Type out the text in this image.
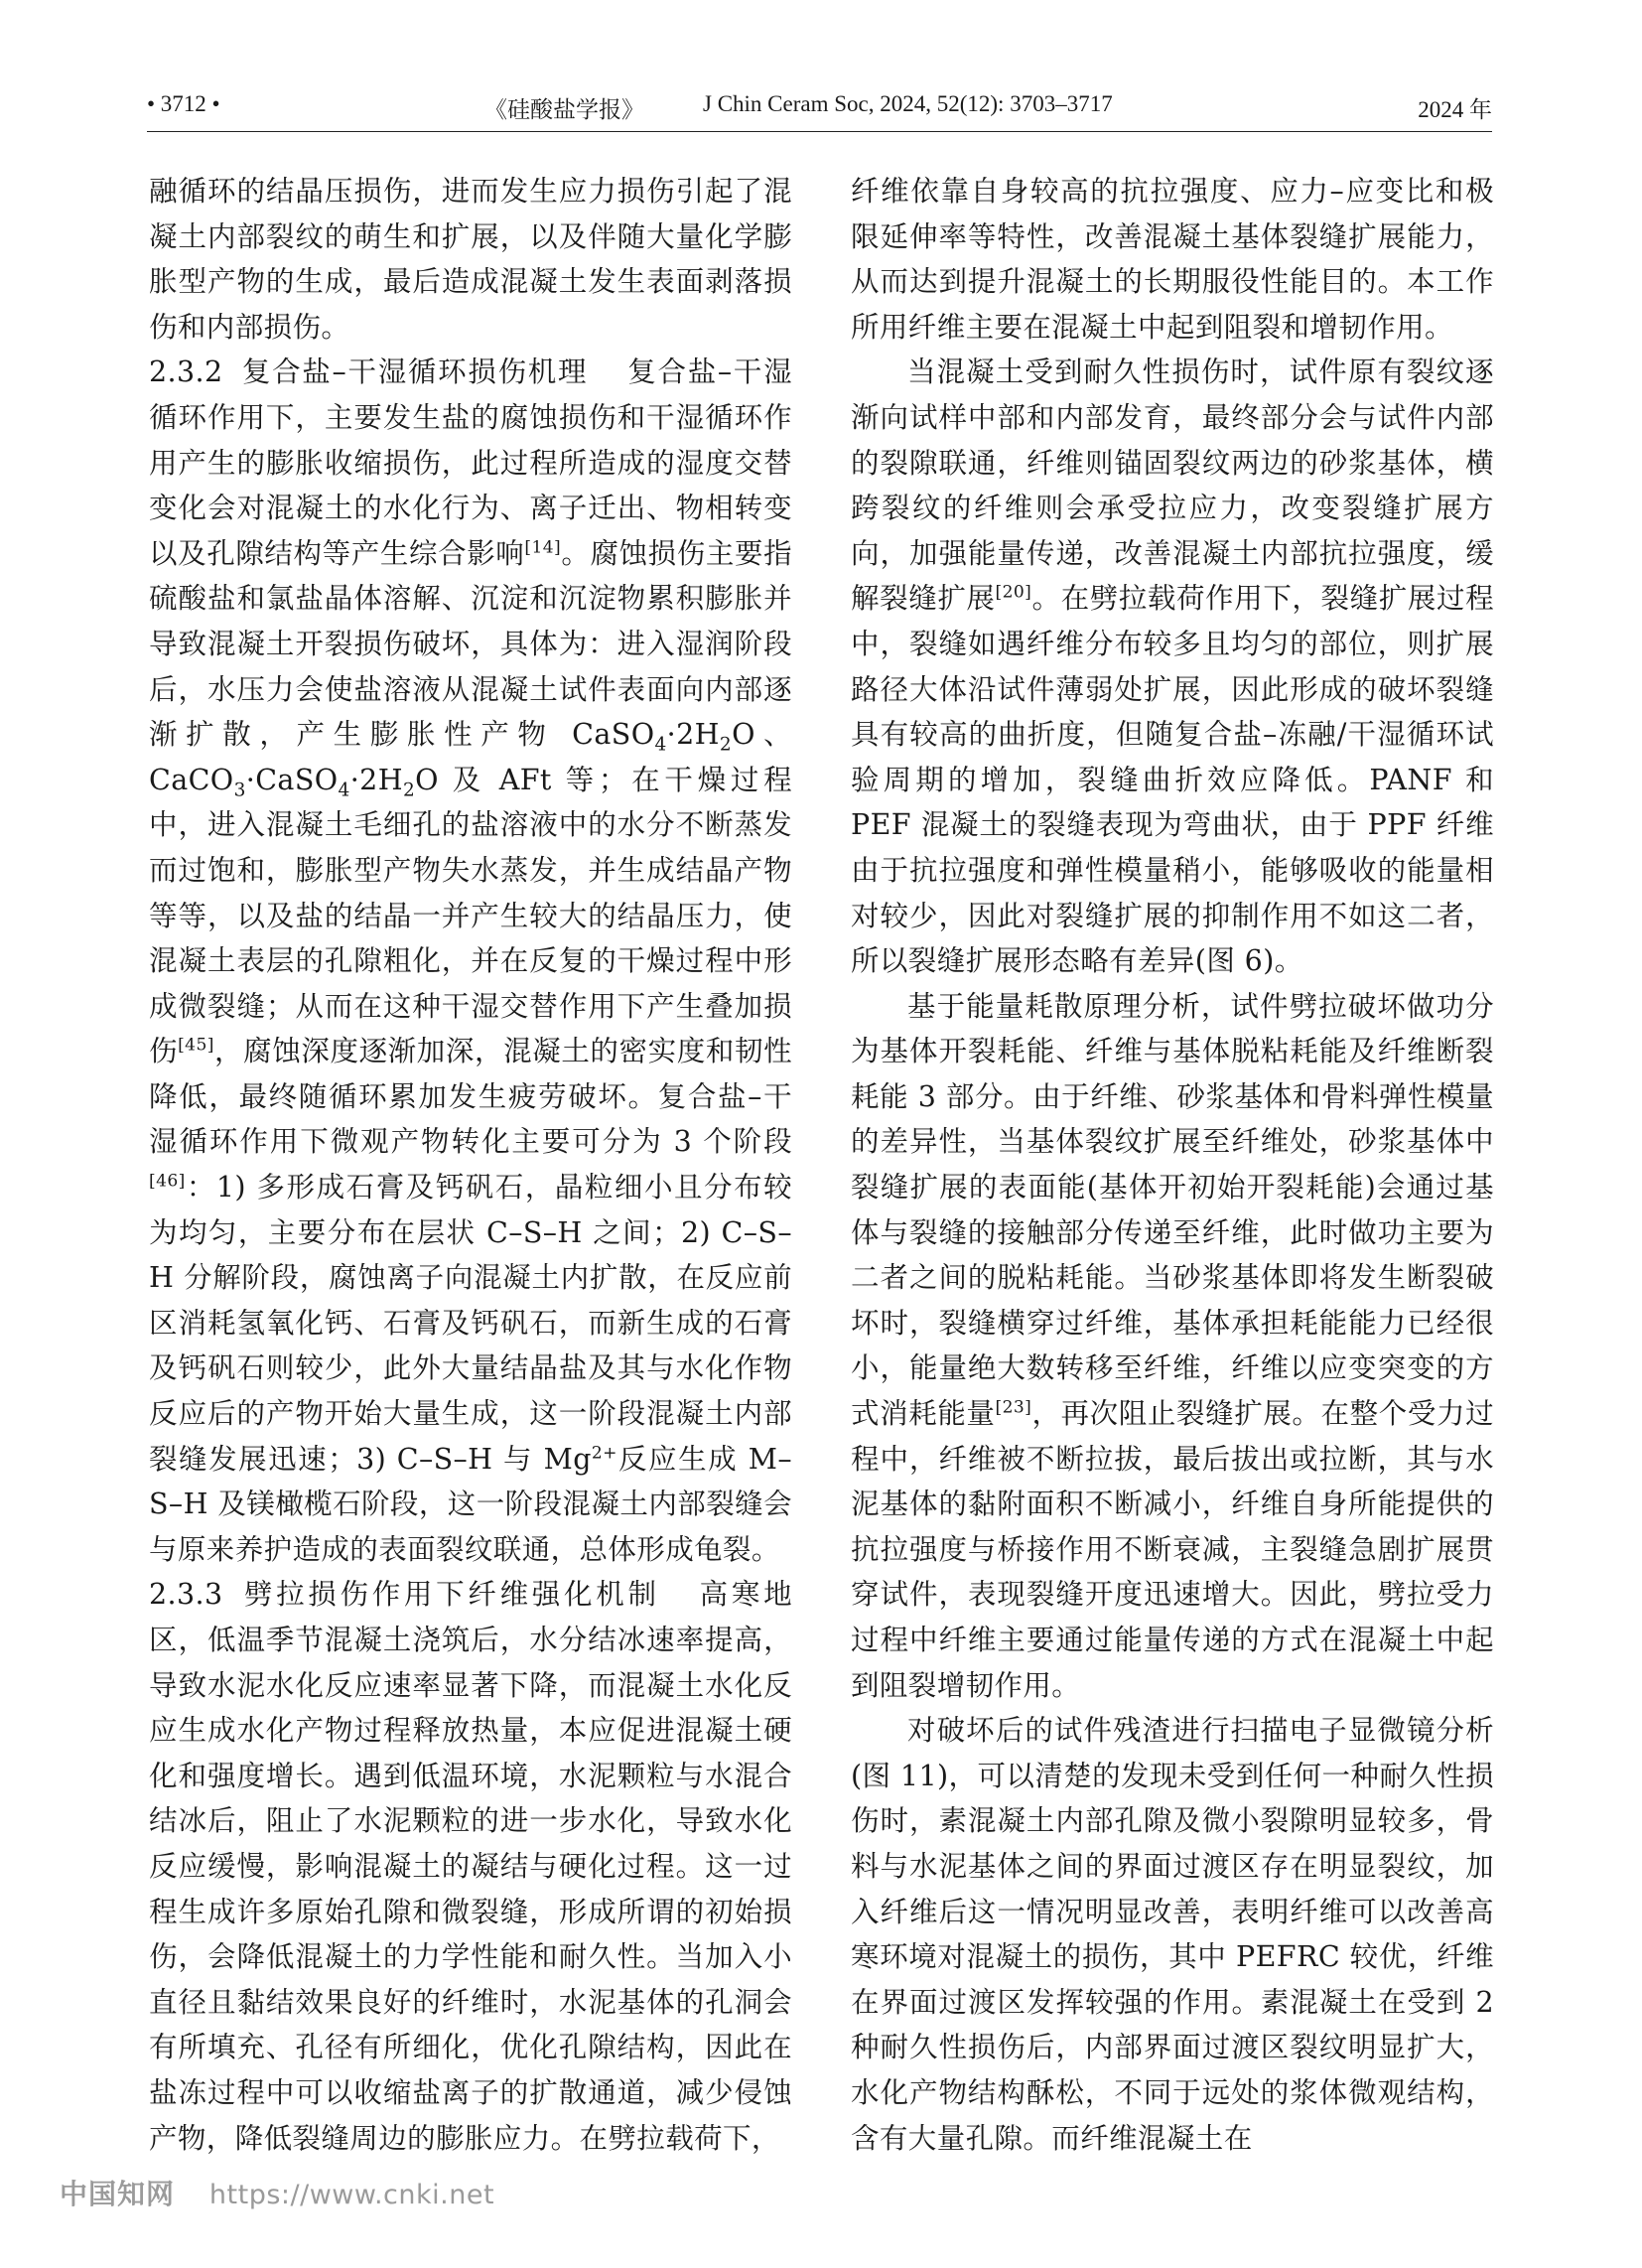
• 3712 •	《硅酸盐学报》	J Chin Ceram Soc, 2024, 52(12): 3703–3717	2024 年

融循环的结晶压损伤，进而发生应力损伤引起了混凝土内部裂纹的萌生和扩展，以及伴随大量化学膨胀型产物的生成，最后造成混凝土发生表面剥落损伤和内部损伤。

2.3.2 复合盐–干湿循环损伤机理 复合盐–干湿循环作用下，主要发生盐的腐蚀损伤和干湿循环作用产生的膨胀收缩损伤，此过程所造成的湿度交替变化会对混凝土的水化行为、离子迁出、物相转变以及孔隙结构等产生综合影响[14]。腐蚀损伤主要指硫酸盐和氯盐晶体溶解、沉淀和沉淀物累积膨胀并导致混凝土开裂损伤破坏，具体为：进入湿润阶段后，水压力会使盐溶液从混凝土试件表面向内部逐渐扩散，产生膨胀性产物 $CaSO_4\cdot 2H_2O$、$CaCO_3\cdot CaSO_4\cdot 2H_2O$ 及 AFt 等；在干燥过程中，进入混凝土毛细孔的盐溶液中的水分不断蒸发而过饱和，膨胀型产物失水蒸发，并生成结晶产物等等，以及盐的结晶一并产生较大的结晶压力，使混凝土表层的孔隙粗化，并在反复的干燥过程中形成微裂缝；从而在这种干湿交替作用下产生叠加损伤[45]，腐蚀深度逐渐加深，混凝土的密实度和韧性降低，最终随循环累加发生疲劳破坏。复合盐–干湿循环作用下微观产物转化主要可分为 3 个阶段[46]：1) 多形成石膏及钙矾石，晶粒细小且分布较为均匀，主要分布在层状 C–S–H 之间；2) C–S–H 分解阶段，腐蚀离子向混凝土内扩散，在反应前区消耗氢氧化钙、石膏及钙矾石，而新生成的石膏及钙矾石则较少，此外大量结晶盐及其与水化作物反应后的产物开始大量生成，这一阶段混凝土内部裂缝发展迅速；3) C–S–H 与 $Mg^{2+}$反应生成 M–S–H 及镁橄榄石阶段，这一阶段混凝土内部裂缝会与原来养护造成的表面裂纹联通，总体形成龟裂。

2.3.3 劈拉损伤作用下纤维强化机制 高寒地区，低温季节混凝土浇筑后，水分结冰速率提高，导致水泥水化反应速率显著下降，而混凝土水化反应生成水化产物过程释放热量，本应促进混凝土硬化和强度增长。遇到低温环境，水泥颗粒与水混合结冰后，阻止了水泥颗粒的进一步水化，导致水化反应缓慢，影响混凝土的凝结与硬化过程。这一过程生成许多原始孔隙和微裂缝，形成所谓的初始损伤，会降低混凝土的力学性能和耐久性。当加入小直径且黏结效果良好的纤维时，水泥基体的孔洞会有所填充、孔径有所细化，优化孔隙结构，因此在盐冻过程中可以收缩盐离子的扩散通道，减少侵蚀产物，降低裂缝周边的膨胀应力。在劈拉载荷下，

纤维依靠自身较高的抗拉强度、应力–应变比和极限延伸率等特性，改善混凝土基体裂缝扩展能力，从而达到提升混凝土的长期服役性能目的。本工作所用纤维主要在混凝土中起到阻裂和增韧作用。

当混凝土受到耐久性损伤时，试件原有裂纹逐渐向试样中部和内部发育，最终部分会与试件内部的裂隙联通，纤维则锚固裂纹两边的砂浆基体，横跨裂纹的纤维则会承受拉应力，改变裂缝扩展方向，加强能量传递，改善混凝土内部抗拉强度，缓解裂缝扩展[20]。在劈拉载荷作用下，裂缝扩展过程中，裂缝如遇纤维分布较多且均匀的部位，则扩展路径大体沿试件薄弱处扩展，因此形成的破坏裂缝具有较高的曲折度，但随复合盐–冻融/干湿循环试验周期的增加，裂缝曲折效应降低。PANF 和 PEF 混凝土的裂缝表现为弯曲状，由于 PPF 纤维由于抗拉强度和弹性模量稍小，能够吸收的能量相对较少，因此对裂缝扩展的抑制作用不如这二者，所以裂缝扩展形态略有差异(图 6)。

基于能量耗散原理分析，试件劈拉破坏做功分为基体开裂耗能、纤维与基体脱粘耗能及纤维断裂耗能 3 部分。由于纤维、砂浆基体和骨料弹性模量的差异性，当基体裂纹扩展至纤维处，砂浆基体中裂缝扩展的表面能(基体开初始开裂耗能)会通过基体与裂缝的接触部分传递至纤维，此时做功主要为二者之间的脱粘耗能。当砂浆基体即将发生断裂破坏时，裂缝横穿过纤维，基体承担耗能能力已经很小，能量绝大数转移至纤维，纤维以应变突变的方式消耗能量[23]，再次阻止裂缝扩展。在整个受力过程中，纤维被不断拉拔，最后拔出或拉断，其与水泥基体的黏附面积不断减小，纤维自身所能提供的抗拉强度与桥接作用不断衰减，主裂缝急剧扩展贯穿试件，表现裂缝开度迅速增大。因此，劈拉受力过程中纤维主要通过能量传递的方式在混凝土中起到阻裂增韧作用。

对破坏后的试件残渣进行扫描电子显微镜分析(图 11)，可以清楚的发现未受到任何一种耐久性损伤时，素混凝土内部孔隙及微小裂隙明显较多，骨料与水泥基体之间的界面过渡区存在明显裂纹，加入纤维后这一情况明显改善，表明纤维可以改善高寒环境对混凝土的损伤，其中 PEFRC 较优，纤维在界面过渡区发挥较强的作用。素混凝土在受到 2 种耐久性损伤后，内部界面过渡区裂纹明显扩大，水化产物结构酥松，不同于远处的浆体微观结构，含有大量孔隙。而纤维混凝土在

中国知网 https://www.cnki.net
